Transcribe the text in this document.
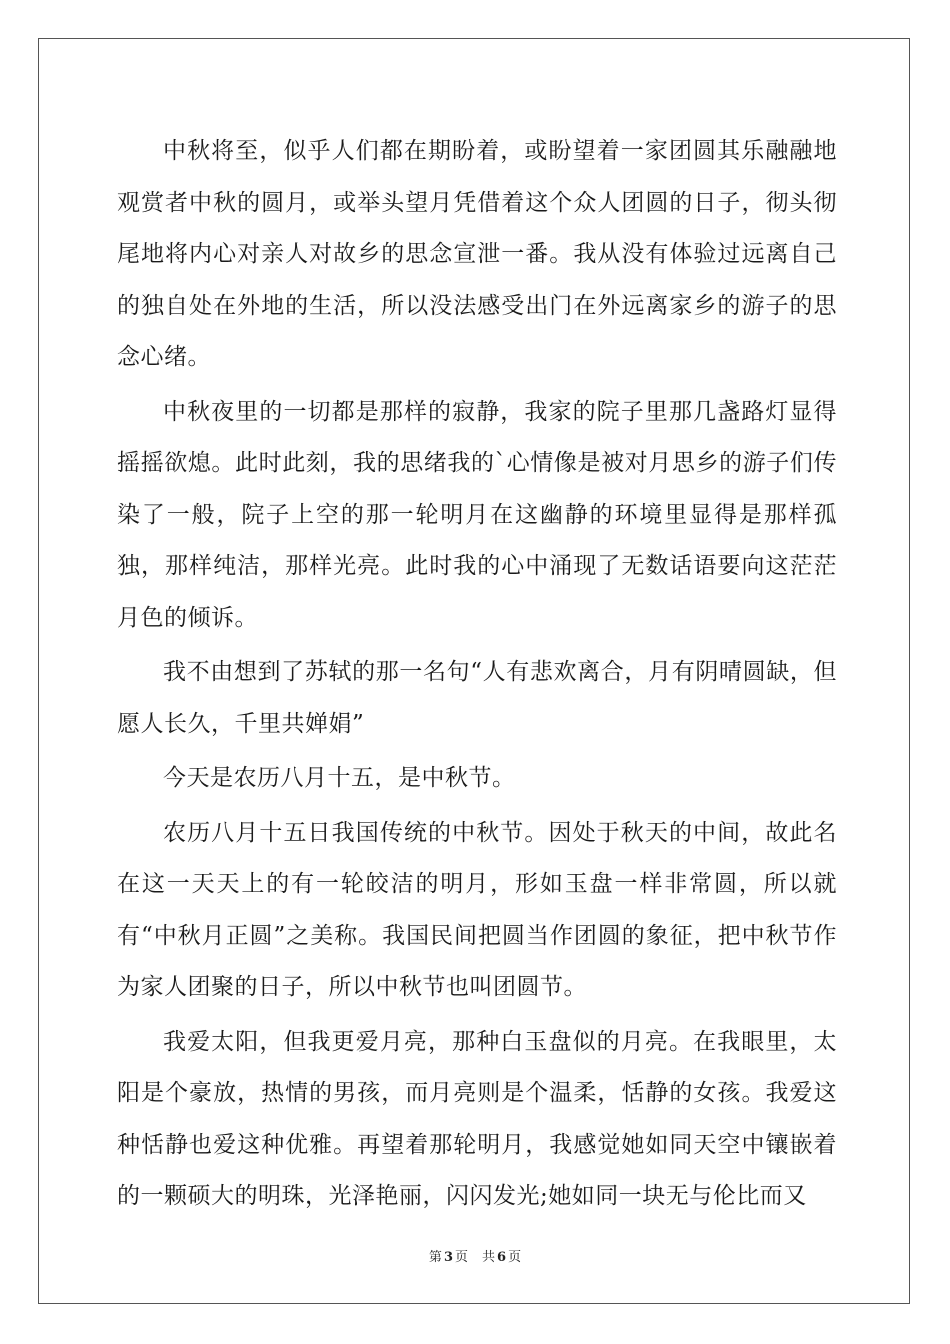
中秋将至，似乎人们都在期盼着，或盼望着一家团圆其乐融融地观赏者中秋的圆月，或举头望月凭借着这个众人团圆的日子，彻头彻尾地将内心对亲人对故乡的思念宣泄一番。我从没有体验过远离自己的独自处在外地的生活，所以没法感受出门在外远离家乡的游子的思念心绪。

中秋夜里的一切都是那样的寂静，我家的院子里那几盏路灯显得摇摇欲熄。此时此刻，我的思绪我的`心情像是被对月思乡的游子们传染了一般，院子上空的那一轮明月在这幽静的环境里显得是那样孤独，那样纯洁，那样光亮。此时我的心中涌现了无数话语要向这茫茫月色的倾诉。

我不由想到了苏轼的那一名句“人有悲欢离合，月有阴晴圆缺，但愿人长久，千里共婵娟”

今天是农历八月十五，是中秋节。

农历八月十五日我国传统的中秋节。因处于秋天的中间，故此名在这一天天上的有一轮皎洁的明月，形如玉盘一样非常圆，所以就有“中秋月正圆”之美称。我国民间把圆当作团圆的象征，把中秋节作为家人团聚的日子，所以中秋节也叫团圆节。

我爱太阳，但我更爱月亮，那种白玉盘似的月亮。在我眼里，太阳是个豪放，热情的男孩，而月亮则是个温柔，恬静的女孩。我爱这种恬静也爱这种优雅。再望着那轮明月，我感觉她如同天空中镶嵌着的一颗硕大的明珠，光泽艳丽，闪闪发光;她如同一块无与伦比而又

第 3 页 共 6 页
